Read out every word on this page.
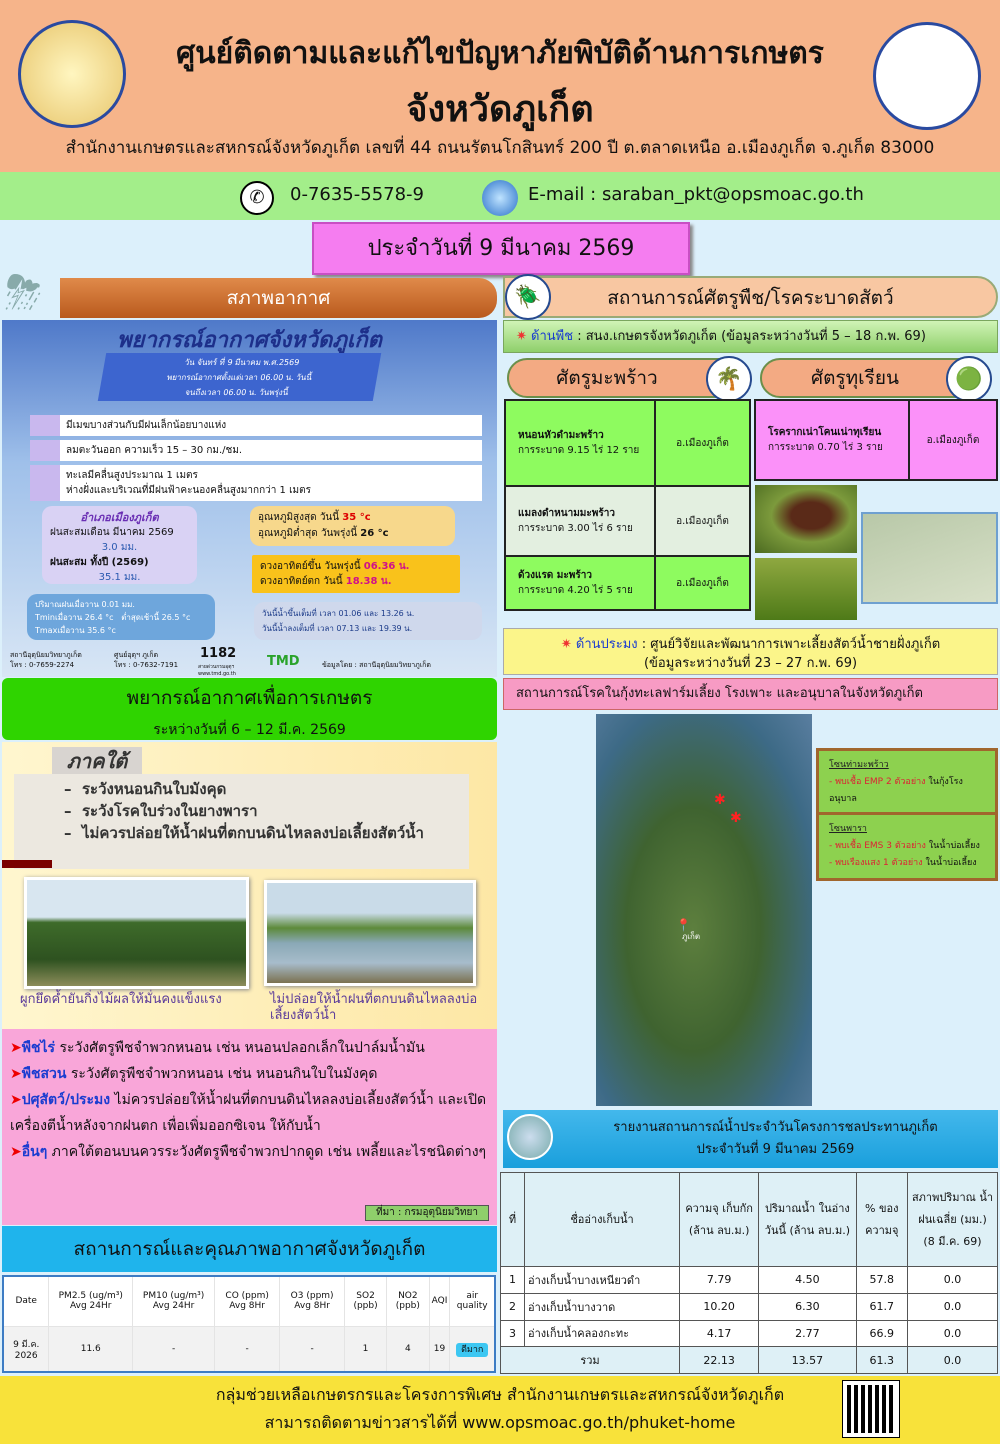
ศูนย์ติดตามและแก้ไขปัญหาภัยพิบัติด้านการเกษตร
จังหวัดภูเก็ต
สำนักงานเกษตรและสหกรณ์จังหวัดภูเก็ต เลขที่ 44 ถนนรัตนโกสินทร์ 200 ปี ต.ตลาดเหนือ อ.เมืองภูเก็ต จ.ภูเก็ต 83000
✆	0-7635-5578-9	E-mail : saraban_pkt@opsmoac.go.th
ประจำวันที่ 9 มีนาคม 2569
⛈	สภาพอากาศ
พยากรณ์อากาศจังหวัดภูเก็ต
วัน จันทร์ ที่ 9 มีนาคม พ.ศ.2569
พยากรณ์อากาศตั้งแต่เวลา 06.00 น. วันนี้
จนถึงเวลา 06.00 น. วันพรุ่งนี้
มีเมฆบางส่วนกับมีฝนเล็กน้อยบางแห่ง
ลมตะวันออก ความเร็ว 15 – 30 กม./ชม.
ทะเลมีคลื่นสูงประมาณ 1 เมตร
ห่างฝั่งและบริเวณที่มีฝนฟ้าคะนองคลื่นสูงมากกว่า 1 เมตร
อำเภอเมืองภูเก็ต
ฝนสะสมเดือน มีนาคม 2569
3.0 มม.
ฝนสะสม ทั้งปี (2569)
35.1 มม.
อุณหภูมิสูงสุด วันนี้ 35 °c
อุณหภูมิต่ำสุด วันพรุ่งนี้ 26 °c
ดวงอาทิตย์ขึ้น วันพรุ่งนี้ 06.36 น.
ดวงอาทิตย์ตก วันนี้ 18.38 น.
ปริมาณฝนเมื่อวาน 0.01 มม.
Tminเมื่อวาน 26.4 °c ต่ำสุดเช้านี้ 26.5 °c
Tmaxเมื่อวาน 35.6 °c
วันนี้น้ำขึ้นเต็มที่ เวลา 01.06 และ 13.26 น.
วันนี้น้ำลงเต็มที่ เวลา 07.13 และ 19.39 น.
สถานีอุตุนิยมวิทยาภูเก็ต
โทร : 0-7659-2274
ศูนย์อุตุฯ ภูเก็ต
โทร : 0-7632-7191
1182
สายด่วนกรมอุตุฯ www.tmd.go.th
TMD	ข้อมูลโดย : สถานีอุตุนิยมวิทยาภูเก็ต
พยากรณ์อากาศเพื่อการเกษตร
ระหว่างวันที่ 6 – 12 มี.ค. 2569
ภาคใต้
–  ระวังหนอนกินใบมังคุด
–  ระวังโรคใบร่วงในยางพารา
–  ไม่ควรปล่อยให้น้ำฝนที่ตกบนดินไหลลงบ่อเลี้ยงสัตว์น้ำ
ผูกยึดค้ำยันกิ่งไม้ผลให้มั่นคงแข็งแรง	ไม่ปล่อยให้น้ำฝนที่ตกบนดินไหลลงบ่อเลี้ยงสัตว์น้ำ
➤พืชไร่ ระวังศัตรูพืชจำพวกหนอน เช่น หนอนปลอกเล็กในปาล์มน้ำมัน
➤พืชสวน ระวังศัตรูพืชจำพวกหนอน เช่น หนอนกินใบในมังคุด
➤ปศุสัตว์/ประมง ไม่ควรปล่อยให้น้ำฝนที่ตกบนดินไหลลงบ่อเลี้ยงสัตว์น้ำ และเปิดเครื่องตีน้ำหลังจากฝนตก เพื่อเพิ่มออกซิเจน ให้กับน้ำ
➤อื่นๆ ภาคใต้ตอนบนควรระวังศัตรูพืชจำพวกปากดูด เช่น เพลี้ยและไรชนิดต่างๆ
ที่มา : กรมอุตุนิยมวิทยา
สถานการณ์และคุณภาพอากาศจังหวัดภูเก็ต
Date	PM2.5 (ug/m³) Avg 24Hr	PM10 (ug/m³) Avg 24Hr	CO (ppm) Avg 8Hr	O3 (ppm) Avg 8Hr	SO2 (ppb)	NO2 (ppb)	AQI	air quality
9 มี.ค. 2026	11.6	-	-	-	1	4	19	ดีมาก
สถานการณ์ศัตรูพืช/โรคระบาดสัตว์
🪲
✷ ด้านพืช : สนง.เกษตรจังหวัดภูเก็ต (ข้อมูลระหว่างวันที่ 5 – 18 ก.พ. 69)
ศัตรูมะพร้าว	🌴	ศัตรูทุเรียน	🟢
หนอนหัวดำมะพร้าว
การระบาด 9.15 ไร่ 12 ราย	อ.เมืองภูเก็ต
แมลงดำหนามมะพร้าว
การระบาด 3.00 ไร่ 6 ราย	อ.เมืองภูเก็ต
ด้วงแรด มะพร้าว
การระบาด 4.20 ไร่ 5 ราย	อ.เมืองภูเก็ต
โรครากเน่าโคนเน่าทุเรียน
การระบาด 0.70 ไร่ 3 ราย	อ.เมืองภูเก็ต
✷ ด้านประมง : ศูนย์วิจัยและพัฒนาการเพาะเลี้ยงสัตว์น้ำชายฝั่งภูเก็ต
(ข้อมูลระหว่างวันที่ 23 – 27 ก.พ. 69)
สถานการณ์โรคในกุ้งทะเลฟาร์มเลี้ยง โรงเพาะ และอนุบาลในจังหวัดภูเก็ต
✱
✱
📍
ภูเก็ต
โซนท่ามะพร้าว
- พบเชื้อ EMP 2 ตัวอย่าง ในกุ้งโรงอนุบาล
โซนพารา
- พบเชื้อ EMS 3 ตัวอย่าง ในน้ำบ่อเลี้ยง
- พบเรืองแสง 1 ตัวอย่าง ในน้ำบ่อเลี้ยง
รายงานสถานการณ์น้ำประจำวันโครงการชลประทานภูเก็ต
ประจำวันที่ 9 มีนาคม 2569
ที่	ชื่ออ่างเก็บน้ำ	ความจุ เก็บกัก (ล้าน ลบ.ม.)	ปริมาณน้ำ ในอ่างวันนี้ (ล้าน ลบ.ม.)	% ของ ความจุ	สภาพปริมาณ น้ำฝนเฉลี่ย (มม.) (8 มี.ค. 69)
1	อ่างเก็บน้ำบางเหนียวดำ	7.79	4.50	57.8	0.0
2	อ่างเก็บน้ำบางวาด	10.20	6.30	61.7	0.0
3	อ่างเก็บน้ำคลองกะทะ	4.17	2.77	66.9	0.0
รวม		22.13	13.57	61.3	0.0
กลุ่มช่วยเหลือเกษตรกรและโครงการพิเศษ สำนักงานเกษตรและสหกรณ์จังหวัดภูเก็ต
สามารถติดตามข่าวสารได้ที่ www.opsmoac.go.th/phuket-home
